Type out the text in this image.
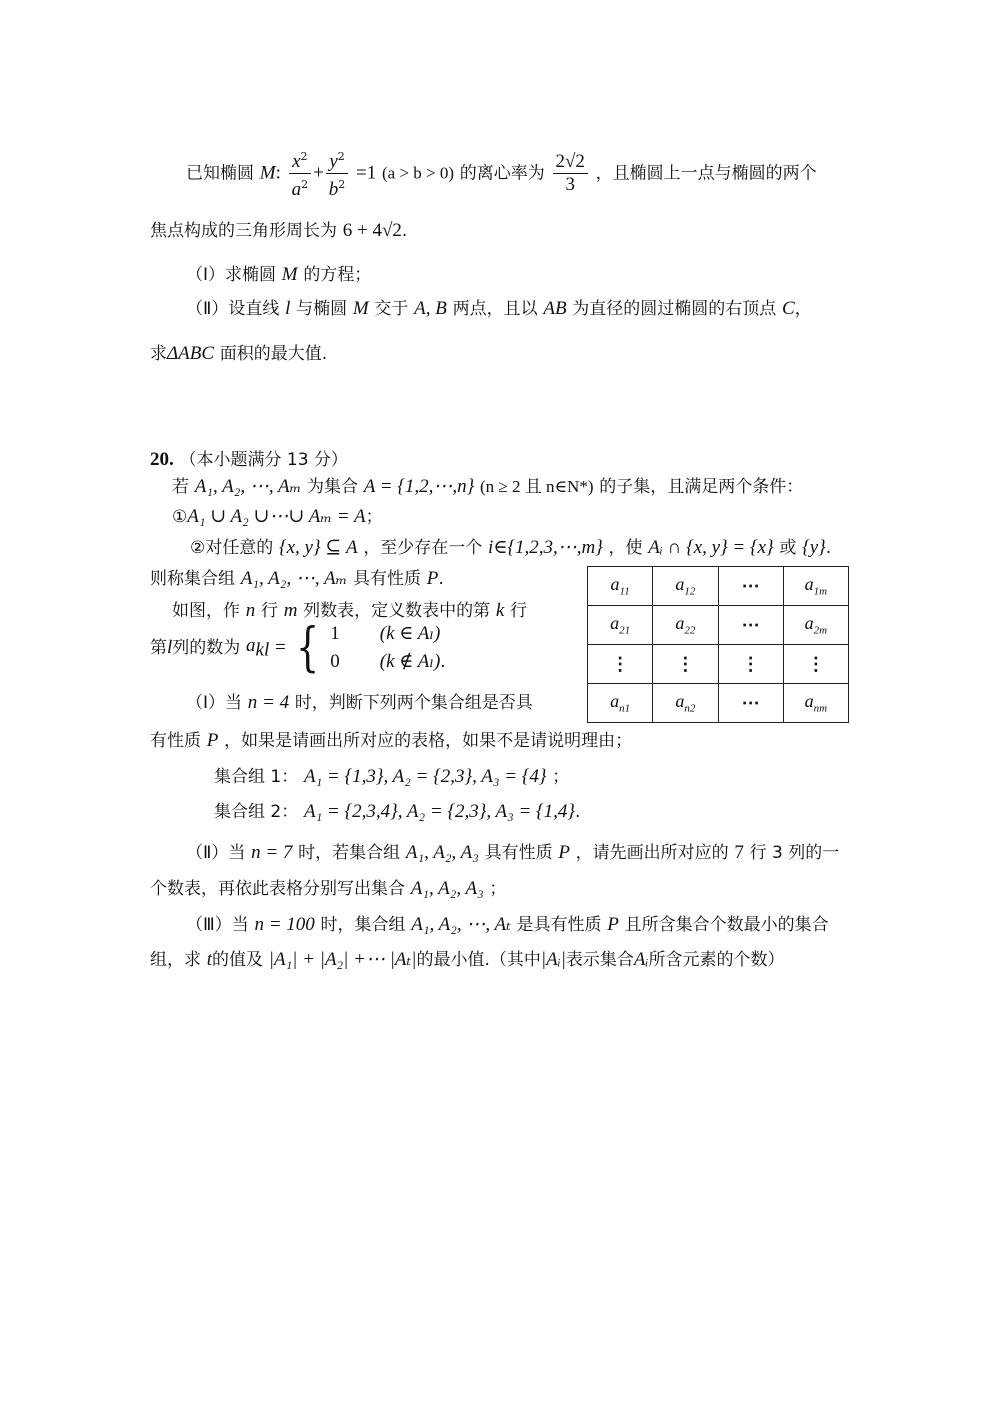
已知椭圆 M: $\frac{x^2}{a^2} + \frac{y^2}{b^2} =1$ (a > b > 0) 的离心率为 $\frac{2√2}{3}$ ，且椭圆上一点与椭圆的两个
焦点构成的三角形周长为 6 + 4√2.
（Ⅰ）求椭圆 M 的方程；
（Ⅱ）设直线 l 与椭圆 M 交于 A, B 两点，且以 AB 为直径的圆过椭圆的右顶点 C，
求ΔABC 面积的最大值.
20. （本小题满分 13 分）
若 A₁, A₂, ⋯, Aₘ 为集合 A = {1,2,⋯,n} (n ≥ 2 且 n∈N*) 的子集，且满足两个条件：
①A₁ ∪ A₂ ∪⋯∪ Aₘ = A；
②对任意的 {x, y} ⊆ A ，至少存在一个 i∈{1,2,3,⋯,m} ，使 Aᵢ ∩ {x, y} = {x} 或 {y}.
则称集合组 A₁, A₂, ⋯, Aₘ 具有性质 P.
如图，作 n 行 m 列数表，定义数表中的第 k 行
第l列的数为 $a_{kl}$ = { 1 (k ∈ Aₗ)
0 (k ∉ Aₗ).
$a_{11}$	$a_{12}$	⋯	$a_{1m}$
$a_{21}$	$a_{22}$	⋯	$a_{2m}$
⋮	⋮	⋮	⋮
$a_{n1}$	$a_{n2}$	⋯	$a_{nm}$
（Ⅰ）当 n = 4 时，判断下列两个集合组是否具
有性质 P ，如果是请画出所对应的表格，如果不是请说明理由；
集合组 1： A₁ = {1,3}, A₂ = {2,3}, A₃ = {4} ；
集合组 2： A₁ = {2,3,4}, A₂ = {2,3}, A₃ = {1,4}.
（Ⅱ）当 n = 7 时，若集合组 A₁, A₂, A₃ 具有性质 P ，请先画出所对应的 7 行 3 列的一
个数表，再依此表格分别写出集合 A₁, A₂, A₃ ；
（Ⅲ）当 n = 100 时，集合组 A₁, A₂, ⋯, Aₜ 是具有性质 P 且所含集合个数最小的集合
组，求 t的值及 |A₁| + |A₂| +⋯ |Aₜ|的最小值.（其中|Aᵢ|表示集合Aᵢ所含元素的个数）
